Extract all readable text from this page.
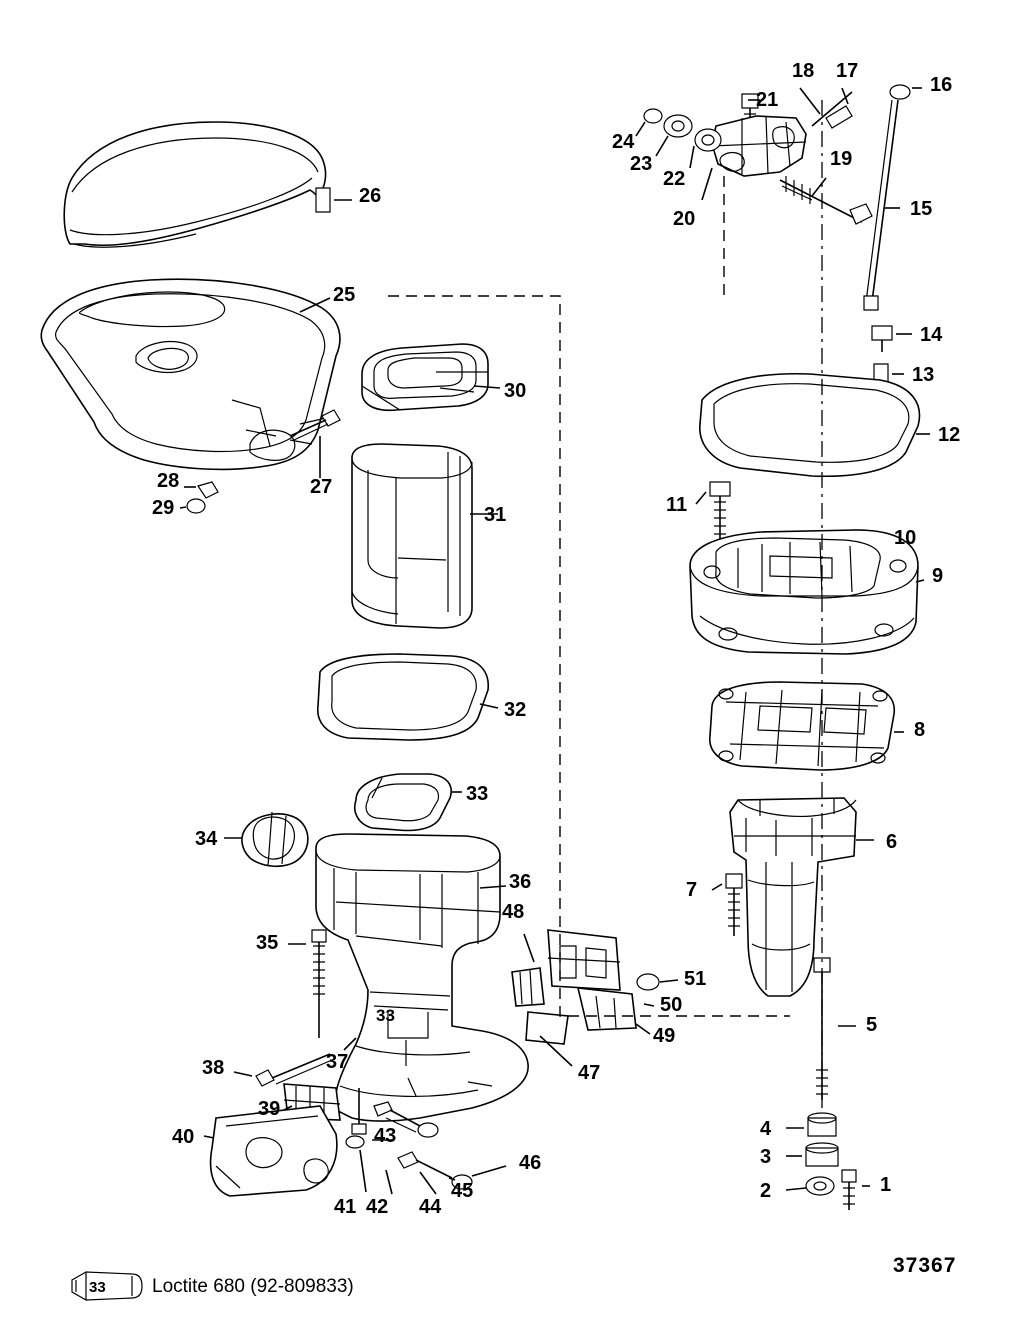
1
2
3
4
5
6
7
8
9
10
11
12
13
14
15
16
17
18
19
20
21
22
23
24
25
26
27
28
29
30
31
32
33
34
35
36
37
38
39
40
41 42
43
44
45
46
47
48
49
50
51
33
37367
33 Loctite 680 (92-809833)
